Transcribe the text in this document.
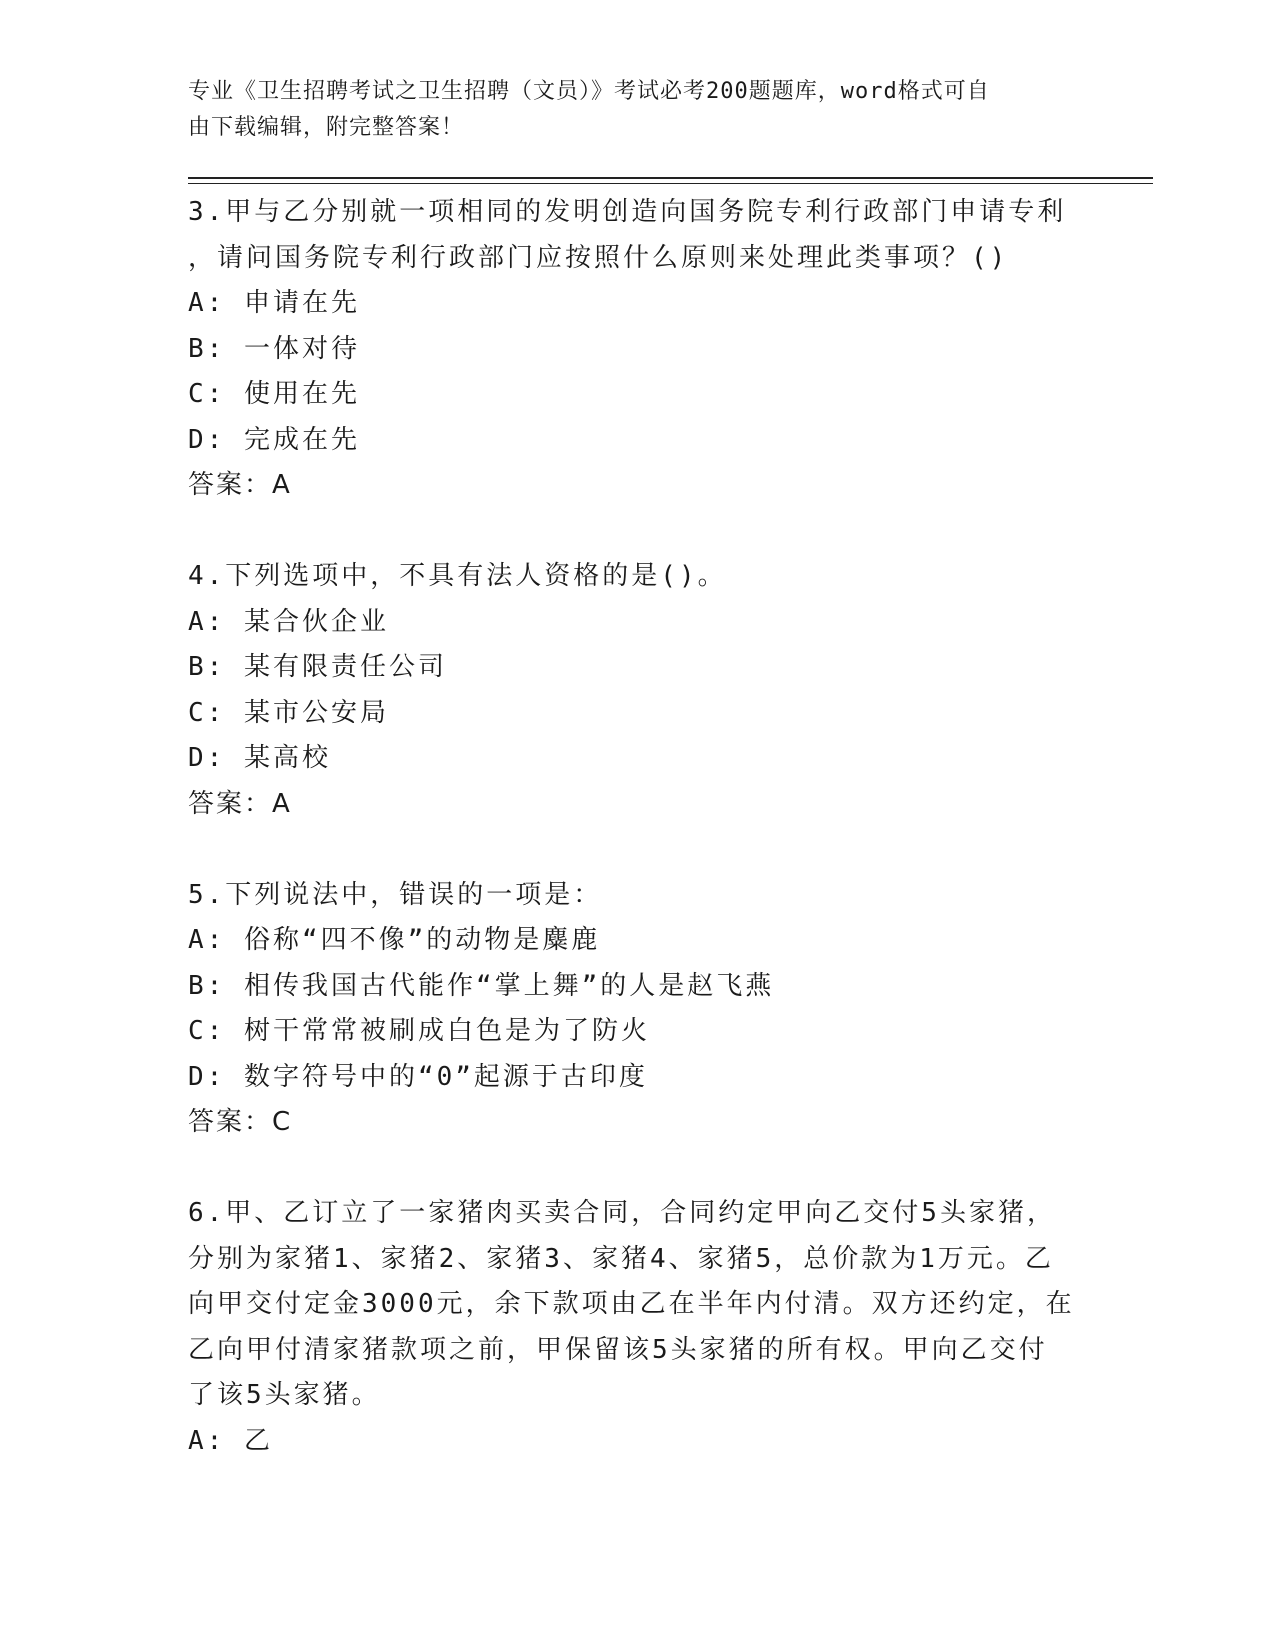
专业《卫生招聘考试之卫生招聘（文员）》考试必考200题题库，word格式可自
由下载编辑，附完整答案！
3.甲与乙分别就一项相同的发明创造向国务院专利行政部门申请专利
，请问国务院专利行政部门应按照什么原则来处理此类事项？()
A: 申请在先
B: 一体对待
C: 使用在先
D: 完成在先
答案：A
4.下列选项中，不具有法人资格的是()。
A: 某合伙企业
B: 某有限责任公司
C: 某市公安局
D: 某高校
答案：A
5.下列说法中，错误的一项是：
A: 俗称“四不像”的动物是麋鹿
B: 相传我国古代能作“掌上舞”的人是赵飞燕
C: 树干常常被刷成白色是为了防火
D: 数字符号中的“0”起源于古印度
答案：C
6.甲、乙订立了一家猪肉买卖合同，合同约定甲向乙交付5头家猪，
分别为家猪1、家猪2、家猪3、家猪4、家猪5，总价款为1万元。乙
向甲交付定金3000元，余下款项由乙在半年内付清。双方还约定，在
乙向甲付清家猪款项之前，甲保留该5头家猪的所有权。甲向乙交付
了该5头家猪。
A: 乙
